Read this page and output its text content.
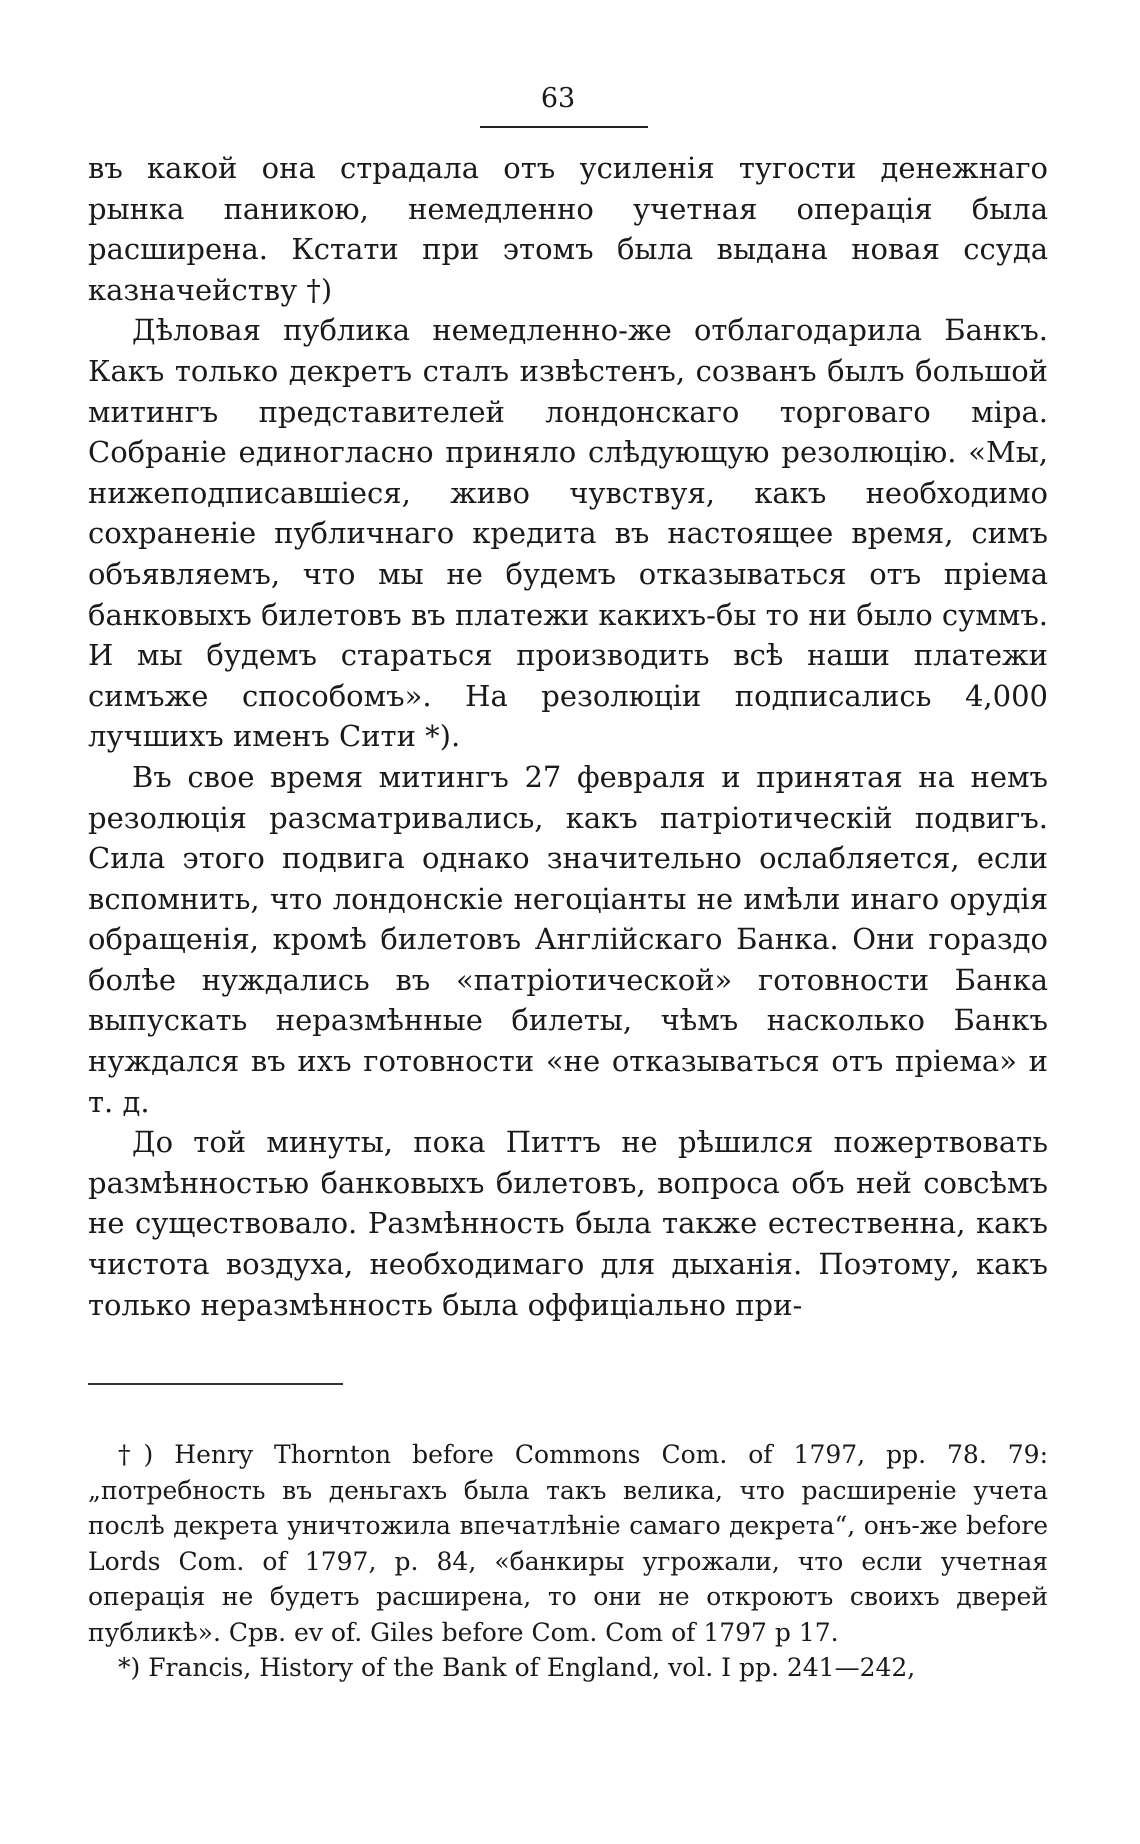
63

въ какой она страдала отъ усиленія тугости денежнаго рынка паникою, немедленно учетная операція была расширена. Кстати при этомъ была выдана новая ссуда казначейству †)

Дѣловая публика немедленно-же отблагодарила Банкъ. Какъ только декретъ сталъ извѣстенъ, созванъ былъ большой митингъ представителей лондонскаго торговаго міра. Собраніе единогласно приняло слѣдующую резолюцію. «Мы, нижеподписавшіеся, живо чувствуя, какъ необходимо сохраненіе публичнаго кредита въ настоящее время, симъ объявляемъ, что мы не будемъ отказываться отъ пріема банковыхъ билетовъ въ платежи какихъ-бы то ни было суммъ. И мы будемъ стараться производить всѣ наши платежи симъже способомъ». На резолюціи подписались 4,000 лучшихъ именъ Сити *).

Въ свое время митингъ 27 февраля и принятая на немъ резолюція разсматривались, какъ патріотическій подвигъ. Сила этого подвига однако значительно ослабляется, если вспомнить, что лондонскіе негоціанты не имѣли инаго орудія обращенія, кромѣ билетовъ Англійскаго Банка. Они гораздо болѣе нуждались въ «патріотической» готовности Банка выпускать неразмѣнные билеты, чѣмъ насколько Банкъ нуждался въ ихъ готовности «не отказываться отъ пріема» и т. д.

До той минуты, пока Питтъ не рѣшился пожертвовать размѣнностью банковыхъ билетовъ, вопроса объ ней совсѣмъ не существовало. Размѣнность была также естественна, какъ чистота воздуха, необходимаго для дыханія. Поэтому, какъ только неразмѣнность была оффиціально при-

†) Henry Thornton before Commons Com. of 1797, pp. 78. 79: „потребность въ деньгахъ была такъ велика, что расширеніе учета послѣ декрета уничтожила впечатлѣніе самаго декрета“, онъ-же before Lords Com. of 1797, p. 84, «банкиры угрожали, что если учетная операція не будетъ расширена, то они не откроютъ своихъ дверей публикѣ». Срв. ev of. Giles before Com. Com of 1797 p 17.

*) Francis, History of the Bank of England, vol. I pp. 241—242,
